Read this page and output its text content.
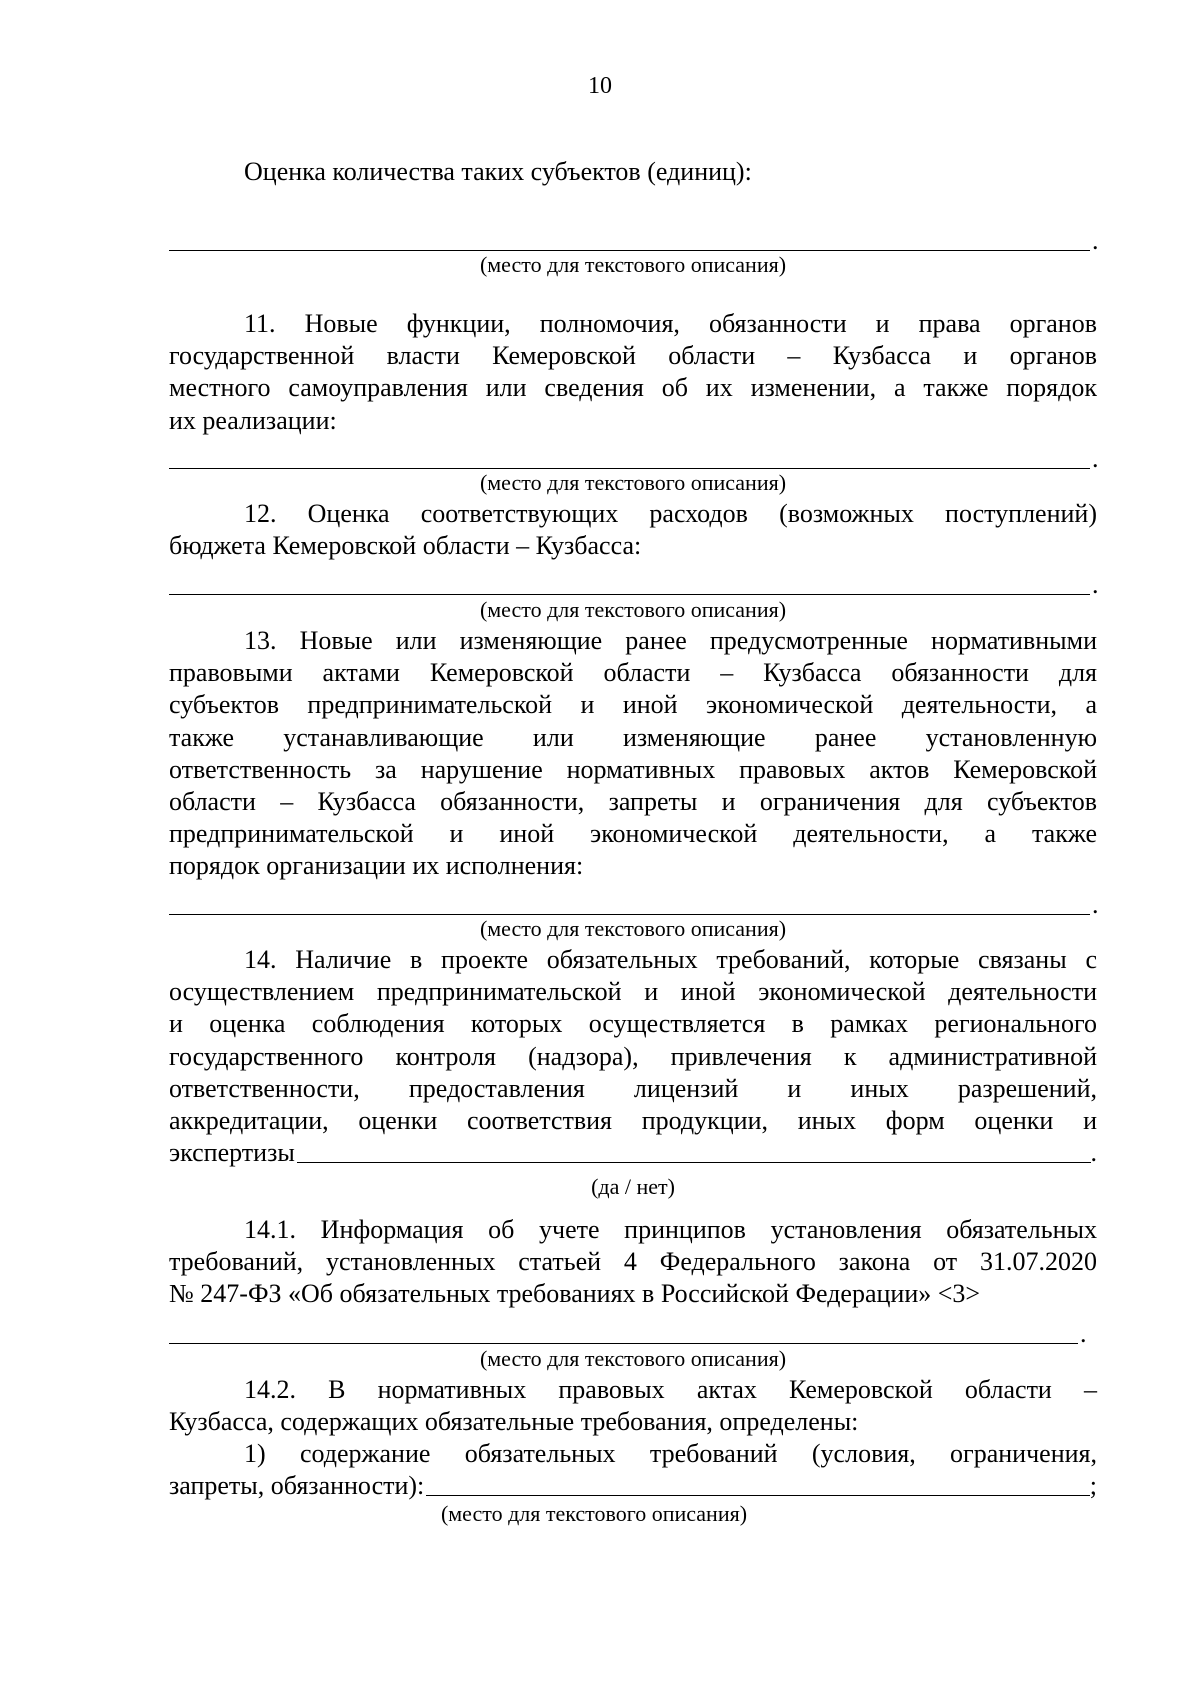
10
Оценка количества таких субъектов (единиц):
.
(место для текстового описания)
11. Новые функции, полномочия, обязанности и права органов
государственной власти Кемеровской области – Кузбасса и органов
местного самоуправления или сведения об их изменении, а также порядок
их реализации:
.
(место для текстового описания)
12. Оценка соответствующих расходов (возможных поступлений)
бюджета Кемеровской области – Кузбасса:
.
(место для текстового описания)
13. Новые или изменяющие ранее предусмотренные нормативными
правовыми актами Кемеровской области – Кузбасса обязанности для
субъектов предпринимательской и иной экономической деятельности, а
также устанавливающие или изменяющие ранее установленную
ответственность за нарушение нормативных правовых актов Кемеровской
области – Кузбасса обязанности, запреты и ограничения для субъектов
предпринимательской и иной экономической деятельности, а также
порядок организации их исполнения:
.
(место для текстового описания)
14. Наличие в проекте обязательных требований, которые связаны с
осуществлением предпринимательской и иной экономической деятельности
и оценка соблюдения которых осуществляется в рамках регионального
государственного контроля (надзора), привлечения к административной
ответственности, предоставления лицензий и иных разрешений,
аккредитации, оценки соответствия продукции, иных форм оценки и
экспертизы	.
(да / нет)
14.1. Информация об учете принципов установления обязательных
требований, установленных статьей 4 Федерального закона от 31.07.2020
№ 247-ФЗ «Об обязательных требованиях в Российской Федерации» <3>
.
(место для текстового описания)
14.2. В нормативных правовых актах Кемеровской области –
Кузбасса, содержащих обязательные требования, определены:
1) содержание обязательных требований (условия, ограничения,
запреты, обязанности):	;
(место для текстового описания)
